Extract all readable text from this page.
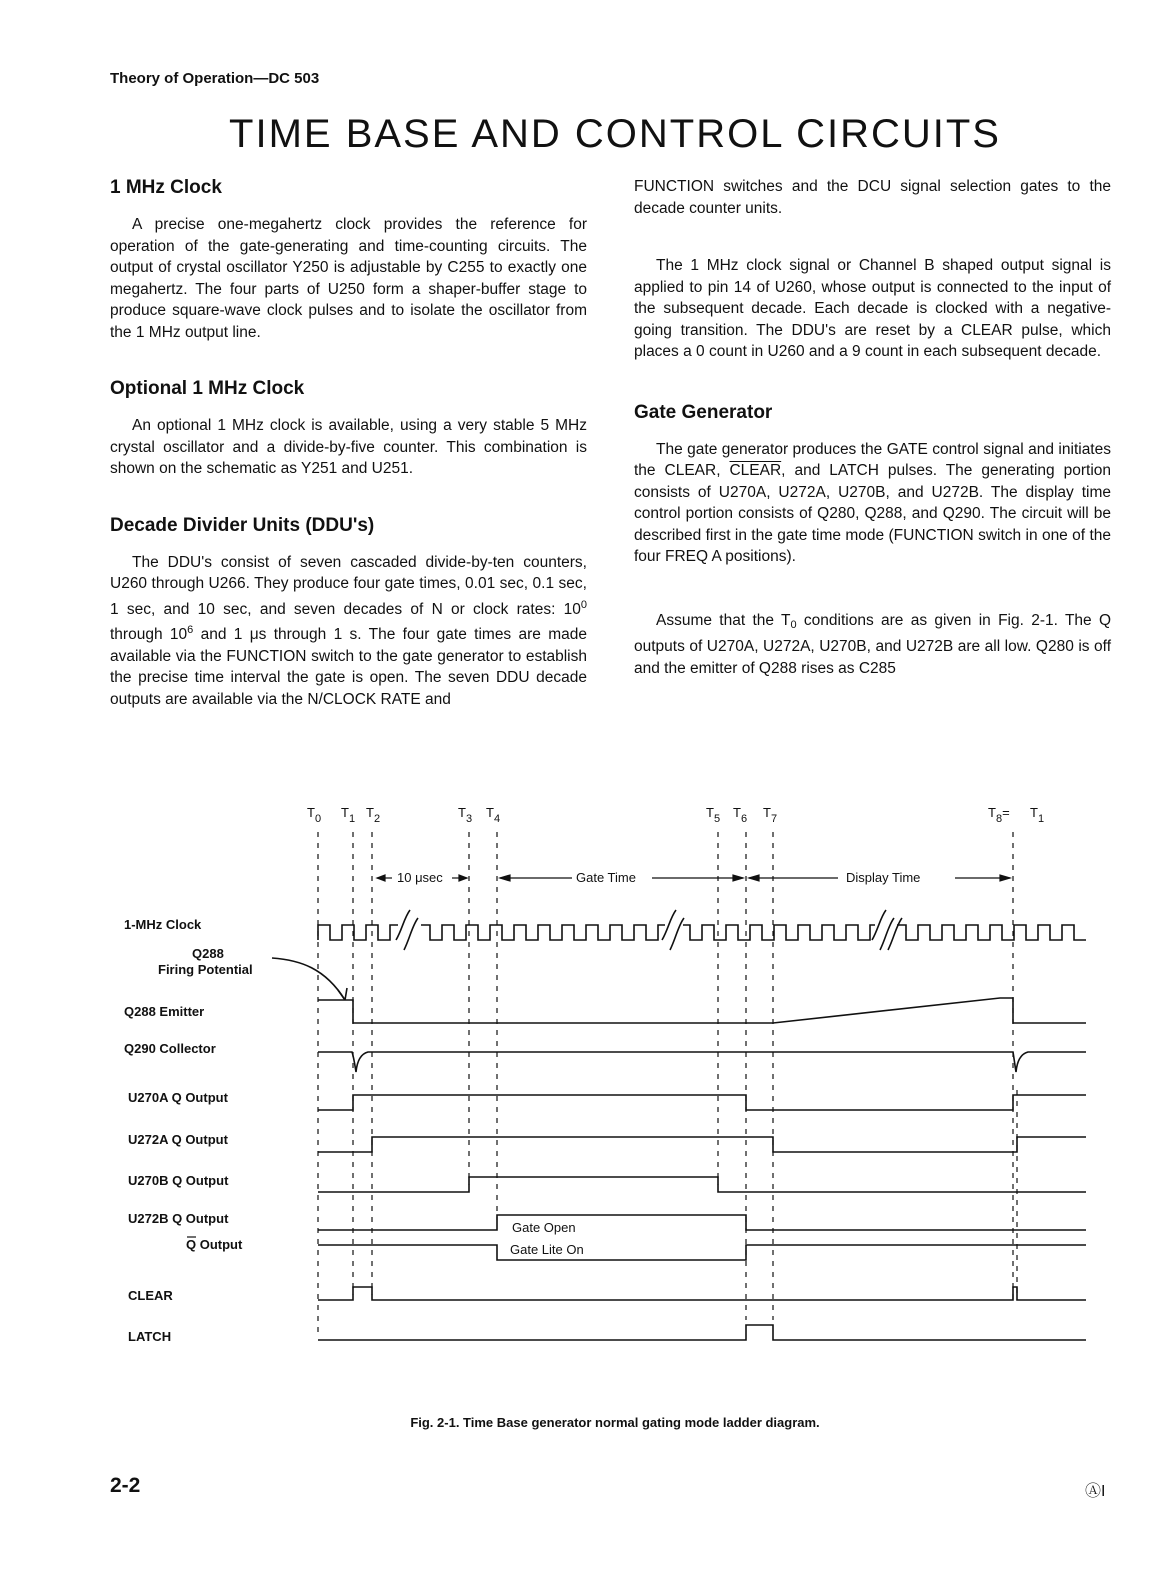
Theory of Operation—DC 503
TIME BASE AND CONTROL CIRCUITS
1 MHz Clock

A precise one-megahertz clock provides the reference for operation of the gate-generating and time-counting circuits. The output of crystal oscillator Y250 is adjustable by C255 to exactly one megahertz. The four parts of U250 form a shaper-buffer stage to produce square-wave clock pulses and to isolate the oscillator from the 1 MHz output line.

Optional 1 MHz Clock

An optional 1 MHz clock is available, using a very stable 5 MHz crystal oscillator and a divide-by-five counter. This combination is shown on the schematic as Y251 and U251.

Decade Divider Units (DDU's)

The DDU's consist of seven cascaded divide-by-ten counters, U260 through U266. They produce four gate times, 0.01 sec, 0.1 sec, 1 sec, and 10 sec, and seven decades of N or clock rates: $10^0$ through $10^6$ and 1 μs through 1 s. The four gate times are made available via the FUNCTION switch to the gate generator to establish the precise time interval the gate is open. The seven DDU decade outputs are available via the N/CLOCK RATE and

FUNCTION switches and the DCU signal selection gates to the decade counter units.

The 1 MHz clock signal or Channel B shaped output signal is applied to pin 14 of U260, whose output is connected to the input of the subsequent decade. Each decade is clocked with a negative-going transition. The DDU's are reset by a CLEAR pulse, which places a 0 count in U260 and a 9 count in each subsequent decade.

Gate Generator

The gate generator produces the GATE control signal and initiates the CLEAR, CLEAR, and LATCH pulses. The generating portion consists of U270A, U272A, U270B, and U272B. The display time control portion consists of Q280, Q288, and Q290. The circuit will be described first in the gate time mode (FUNCTION switch in one of the four FREQ A positions).

Assume that the $T_0$ conditions are as given in Fig. 2-1. The Q outputs of U270A, U272A, U270B, and U272B are all low. Q280 is off and the emitter of Q288 rises as C285

$T_0$ $T_1$ $T_2$	$T_3$ $T_4$	$T_5$ $T_6$ $T_7$	$T_8= T_1$
10 μsec	Gate Time	Display Time
1-MHz Clock
Q288
Firing Potential
Q288 Emitter
Q290 Collector
U270A Q Output
U272A Q Output
U270B Q Output
U272B Q Output
Q Output
CLEAR
LATCH
Gate Open
Gate Lite On
Fig. 2-1. Time Base generator normal gating mode ladder diagram.
2-2	ⒶI
